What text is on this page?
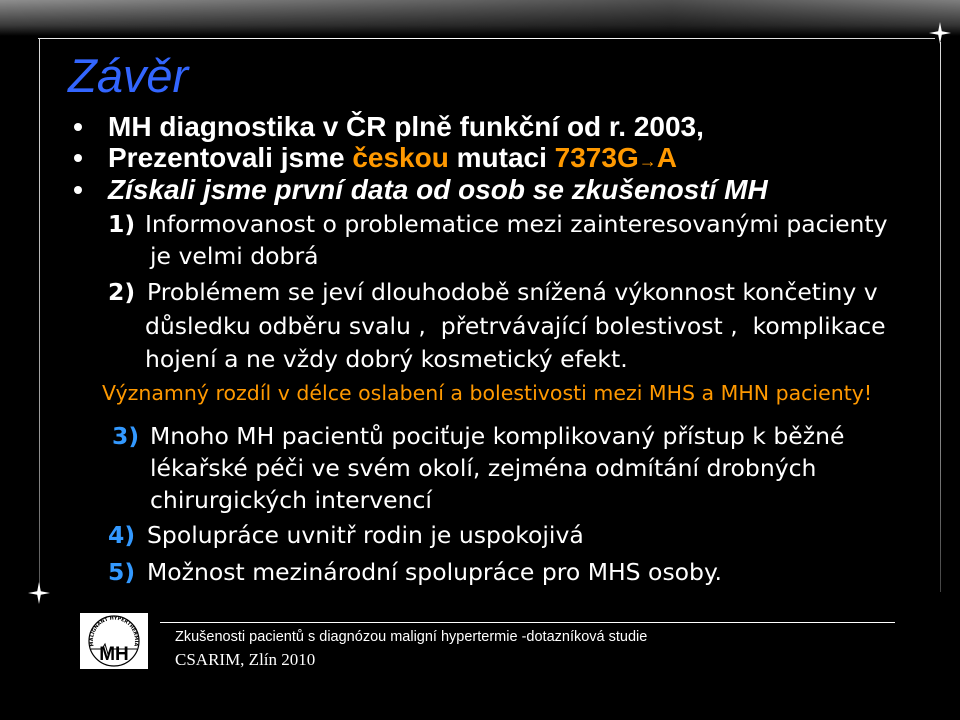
Závěr
MH diagnostika v ČR plně funkční od r. 2003,
Prezentovali jsme českou mutaci 7373G→A
Získali jsme první data od osob se zkušeností MH
1) Informovanost o problematice mezi zainteresovanými pacienty
je velmi dobrá
2) Problémem se jeví dlouhodobě snížená výkonnost končetiny v
důsledku odběru svalu ,  přetrvávající bolestivost ,  komplikace
hojení a ne vždy dobrý kosmetický efekt.
Významný rozdíl v délce oslabení a bolestivosti mezi MHS a MHN pacienty!
3) Mnoho MH pacientů pociťuje komplikovaný přístup k běžné
lékařské péči ve svém okolí, zejména odmítání drobných
chirurgických intervencí
4) Spolupráce uvnitř rodin je uspokojivá
5) Možnost mezinárodní spolupráce pro MHS osoby.
MALIGNANT HYPERTHERMIA
MH
Zkušenosti pacientů s diagnózou maligní hypertermie -dotazníková studie
CSARIM, Zlín 2010
